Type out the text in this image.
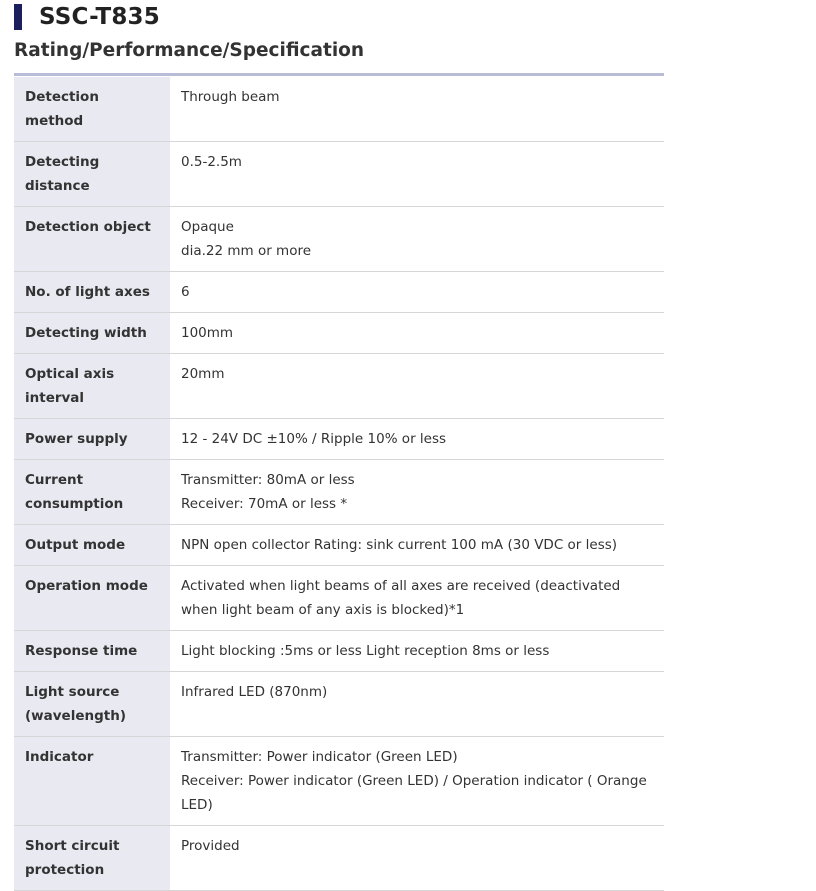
SSC-T835
Rating/Performance/Specification
Detection method	Through beam

Detecting distance	0.5-2.5m

Detection object	Opaque
dia.22 mm or more

No. of light axes	6

Detecting width	100mm

Optical axis interval	20mm

Power supply	12 - 24V DC ±10% / Ripple 10% or less

Current consumption	Transmitter: 80mA or less
Receiver: 70mA or less *

Output mode	NPN open collector Rating: sink current 100 mA (30 VDC or less)

Operation mode	Activated when light beams of all axes are received (deactivated when light beam of any axis is blocked)*1

Response time	Light blocking :5ms or less Light reception 8ms or less

Light source (wavelength)	Infrared LED (870nm)

Indicator	Transmitter: Power indicator (Green LED)
Receiver: Power indicator (Green LED) / Operation indicator ( Orange LED)

Short circuit protection	Provided
